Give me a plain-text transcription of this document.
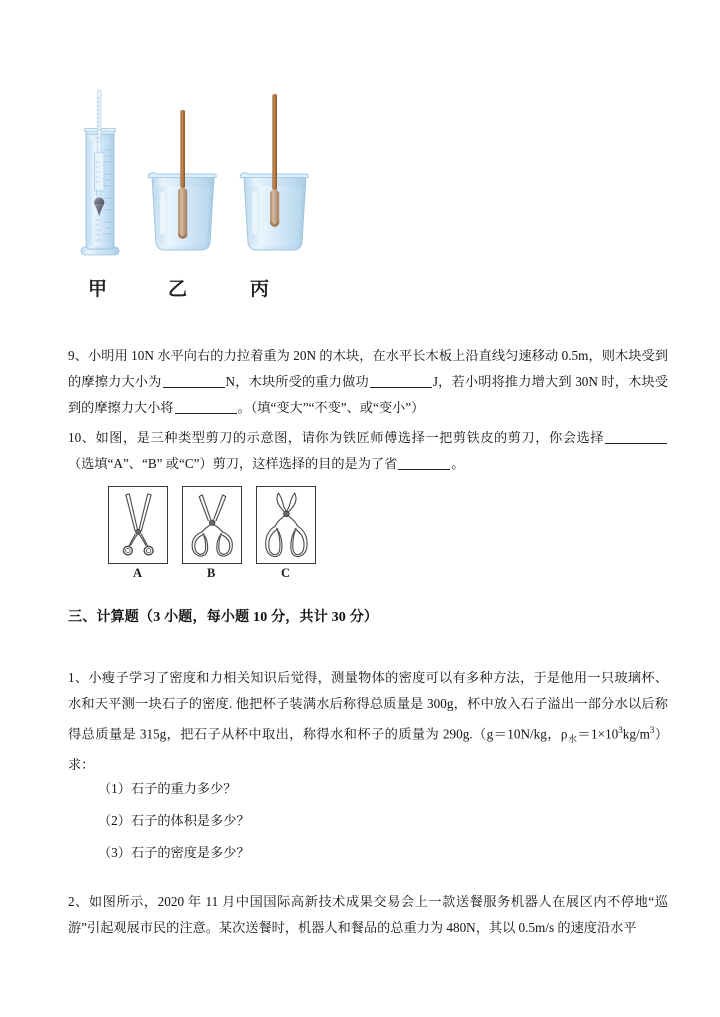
甲	乙	丙

9、小明用 10N 水平向右的力拉着重为 20N 的木块，在水平长木板上沿直线匀速移动 0.5m，则木块受到的摩擦力大小为	N，木块所受的重力做功	J，若小明将推力增大到 30N 时，木块受到的摩擦力大小将	。（填“变大”“不变”、或“变小”）

10、如图，是三种类型剪刀的示意图，请你为铁匠师傅选择一把剪铁皮的剪刀，你会选择（选填“A”、“B” 或“C”）剪刀，这样选择的目的是为了省	。

A	B	C
三、计算题（3 小题，每小题 10 分，共计 30 分）

1、小瘦子学习了密度和力相关知识后觉得，测量物体的密度可以有多种方法，于是他用一只玻璃杯、水和天平测一块石子的密度. 他把杯子装满水后称得总质量是 300g，杯中放入石子溢出一部分水以后称得总质量是 315g，把石子从杯中取出，称得水和杯子的质量为 290g.（g＝10N/kg，$\rho_水=1\times 10^3kg/m^3$）求：

（1）石子的重力多少？

（2）石子的体积是多少？

（3）石子的密度是多少？

2、如图所示，2020 年 11 月中国国际高新技术成果交易会上一款送餐服务机器人在展区内不停地“巡游”引起观展市民的注意。某次送餐时，机器人和餐品的总重力为 480N，其以 0.5m/s 的速度沿水平
